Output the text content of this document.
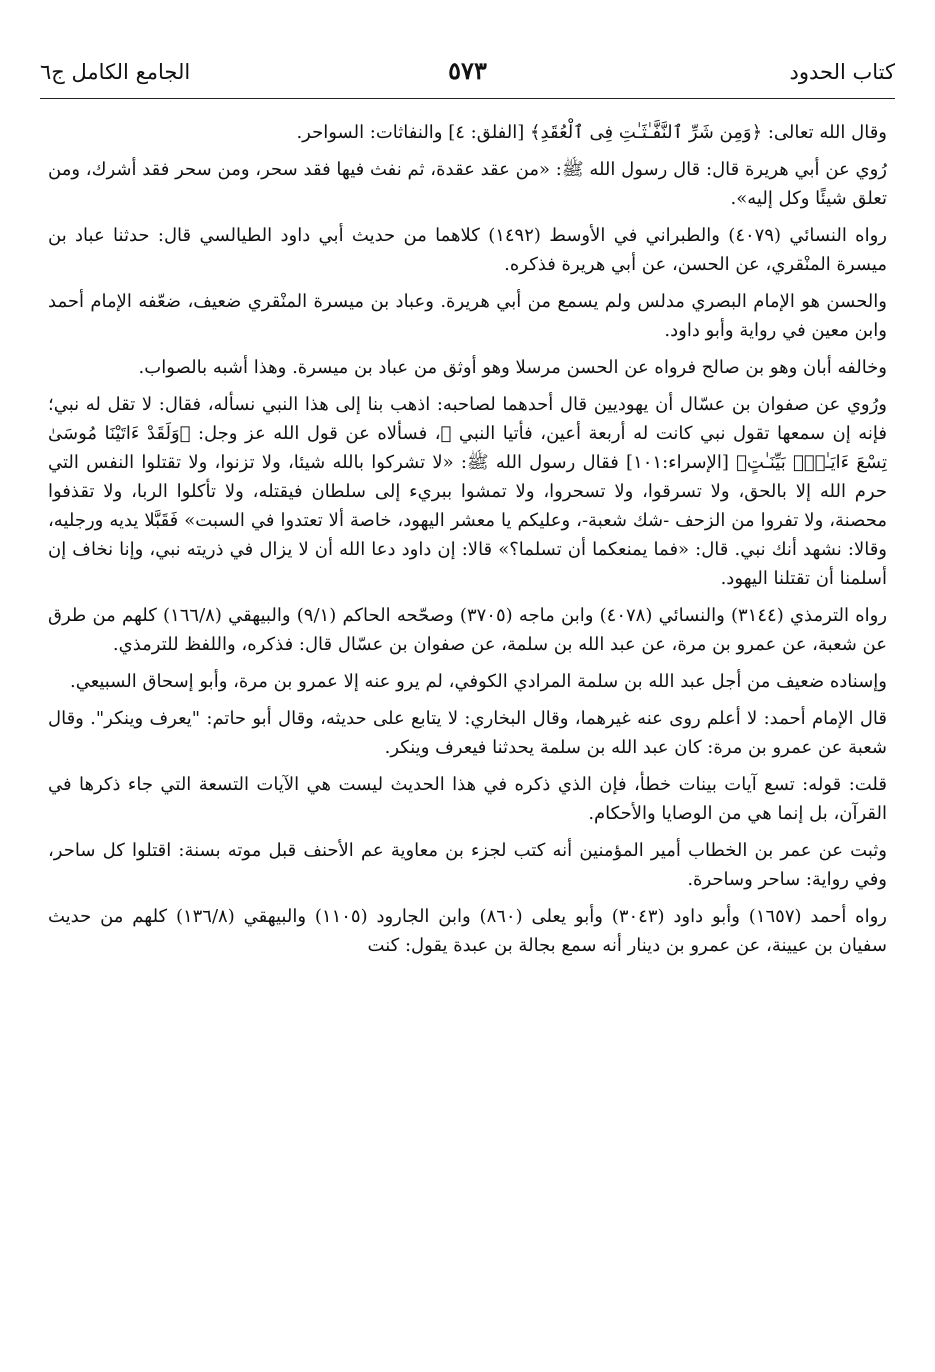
كتاب الحدود
٥٧٣
الجامع الكامل ج٦

وقال الله تعالى: ﴿وَمِن شَرِّ ٱلنَّفَّـٰثَـٰتِ فِى ٱلْعُقَدِ﴾ [الفلق: ٤] والنفاثات: السواحر.

رُوي عن أبي هريرة قال: قال رسول الله ﷺ: «من عقد عقدة، ثم نفث فيها فقد سحر، ومن سحر فقد أشرك، ومن تعلق شيئًا وكل إليه».

رواه النسائي (٤٠٧٩) والطبراني في الأوسط (١٤٩٢) كلاهما من حديث أبي داود الطيالسي قال: حدثنا عباد بن ميسرة المنْقري، عن الحسن، عن أبي هريرة فذكره.

والحسن هو الإمام البصري مدلس ولم يسمع من أبي هريرة. وعباد بن ميسرة المنْقري ضعيف، ضعّفه الإمام أحمد وابن معين في رواية وأبو داود.

وخالفه أبان وهو بن صالح فرواه عن الحسن مرسلا وهو أوثق من عباد بن ميسرة. وهذا أشبه بالصواب.

ورُوي عن صفوان بن عسّال أن يهوديين قال أحدهما لصاحبه: اذهب بنا إلى هذا النبي نسأله، فقال: لا تقل له نبي؛ فإنه إن سمعها تقول نبي كانت له أربعة أعين، فأتيا النبي ﷺ، فسألاه عن قول الله عز وجل: ﴿وَلَقَدْ ءَاتَيْنَا مُوسَىٰ تِسْعَ ءَايَـٰتٍۭ بَيِّنَـٰتٍ﴾ [الإسراء:١٠١] فقال رسول الله ﷺ: «لا تشركوا بالله شيئا، ولا تزنوا، ولا تقتلوا النفس التي حرم الله إلا بالحق، ولا تسرقوا، ولا تسحروا، ولا تمشوا ببريء إلى سلطان فيقتله، ولا تأكلوا الربا، ولا تقذفوا محصنة، ولا تفروا من الزحف -شك شعبة-، وعليكم يا معشر اليهود، خاصة ألا تعتدوا في السبت» فَقَبَّلا يديه ورجليه، وقالا: نشهد أنك نبي. قال: «فما يمنعكما أن تسلما؟» قالا: إن داود دعا الله أن لا يزال في ذريته نبي، وإنا نخاف إن أسلمنا أن تقتلنا اليهود.

رواه الترمذي (٣١٤٤) والنسائي (٤٠٧٨) وابن ماجه (٣٧٠٥) وصحّحه الحاكم (٩/١) والبيهقي (١٦٦/٨) كلهم من طرق عن شعبة، عن عمرو بن مرة، عن عبد الله بن سلمة، عن صفوان بن عسّال قال: فذكره، واللفظ للترمذي.

وإسناده ضعيف من أجل عبد الله بن سلمة المرادي الكوفي، لم يرو عنه إلا عمرو بن مرة، وأبو إسحاق السبيعي.

قال الإمام أحمد: لا أعلم روى عنه غيرهما، وقال البخاري: لا يتابع على حديثه، وقال أبو حاتم: "يعرف وينكر". وقال شعبة عن عمرو بن مرة: كان عبد الله بن سلمة يحدثنا فيعرف وينكر.

قلت: قوله: تسع آيات بينات خطأ، فإن الذي ذكره في هذا الحديث ليست هي الآيات التسعة التي جاء ذكرها في القرآن، بل إنما هي من الوصايا والأحكام.

وثبت عن عمر بن الخطاب أمير المؤمنين أنه كتب لجزء بن معاوية عم الأحنف قبل موته بسنة: اقتلوا كل ساحر، وفي رواية: ساحر وساحرة.

رواه أحمد (١٦٥٧) وأبو داود (٣٠٤٣) وأبو يعلى (٨٦٠) وابن الجارود (١١٠٥) والبيهقي (١٣٦/٨) كلهم من حديث سفيان بن عيينة، عن عمرو بن دينار أنه سمع بجالة بن عبدة يقول: كنت
